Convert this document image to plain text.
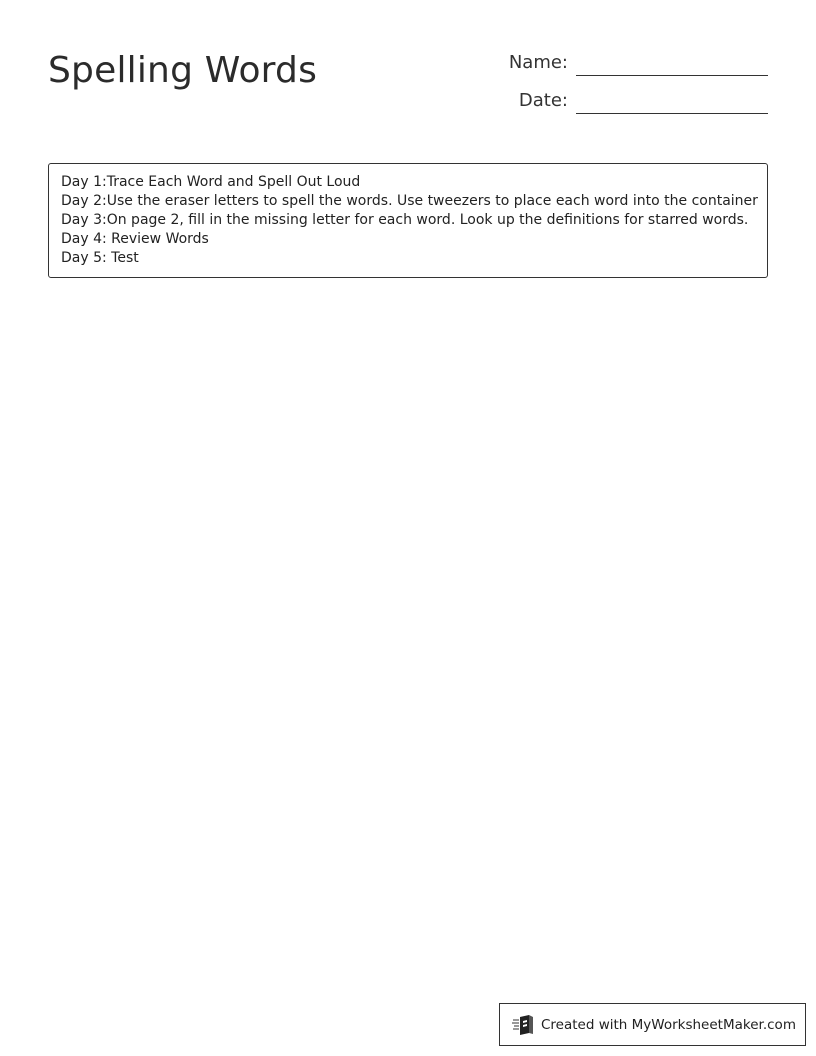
Spelling Words	Name:
Date:
Day 1:Trace Each Word and Spell Out Loud
Day 2:Use the eraser letters to spell the words. Use tweezers to place each word into the container
Day 3:On page 2, fill in the missing letter for each word. Look up the definitions for starred words.
Day 4: Review Words
Day 5: Test
Created with MyWorksheetMaker.com
